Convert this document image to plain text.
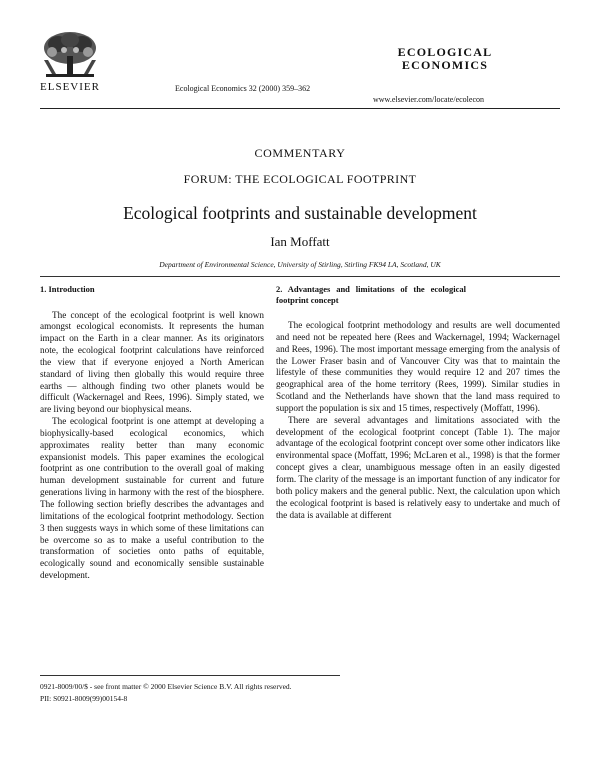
ELSEVIER	Ecological Economics 32 (2000) 359–362
ECOLOGICAL
ECONOMICS
www.elsevier.com/locate/ecolecon
COMMENTARY
FORUM: THE ECOLOGICAL FOOTPRINT
Ecological footprints and sustainable development
Ian Moffatt
Department of Environmental Science, University of Stirling, Stirling FK94 LA, Scotland, UK
1. Introduction

The concept of the ecological footprint is well known amongst ecological economists. It represents the human impact on the Earth in a clear manner. As its originators note, the ecological footprint calculations have reinforced the view that if everyone enjoyed a North American standard of living then globally this would require three earths — although finding two other planets would be difficult (Wackernagel and Rees, 1996). Simply stated, we are living beyond our biophysical means.

The ecological footprint is one attempt at developing a biophysically-based ecological economics, which approximates reality better than many economic expansionist models. This paper examines the ecological footprint as one contribution to the overall goal of making human development sustainable for current and future generations living in harmony with the rest of the biosphere. The following section briefly describes the advantages and limitations of the ecological footprint methodology. Section 3 then suggests ways in which some of these limitations can be overcome so as to make a useful contribution to the transformation of societies onto paths of equitable, ecologically sound and economically sensible sustainable development.

2. Advantages and limitations of the ecological footprint concept

The ecological footprint methodology and results are well documented and need not be repeated here (Rees and Wackernagel, 1994; Wackernagel and Rees, 1996). The most important message emerging from the analysis of the Lower Fraser basin and of Vancouver City was that to maintain the lifestyle of these communities they would require 12 and 207 times the geographical area of the home territory (Rees, 1999). Similar studies in Scotland and the Netherlands have shown that the land mass required to support the population is six and 15 times, respectively (Moffatt, 1996).

There are several advantages and limitations associated with the development of the ecological footprint concept (Table 1). The major advantage of the ecological footprint concept over some other indicators like environmental space (Moffatt, 1996; McLaren et al., 1998) is that the former concept gives a clear, unambiguous message often in an easily digested form. The clarity of the message is an important function of any indicator for both policy makers and the general public. Next, the calculation upon which the ecological footprint is based is relatively easy to undertake and much of the data is available at different

0921-8009/00/$ - see front matter © 2000 Elsevier Science B.V. All rights reserved.
PII: S0921-8009(99)00154-8
